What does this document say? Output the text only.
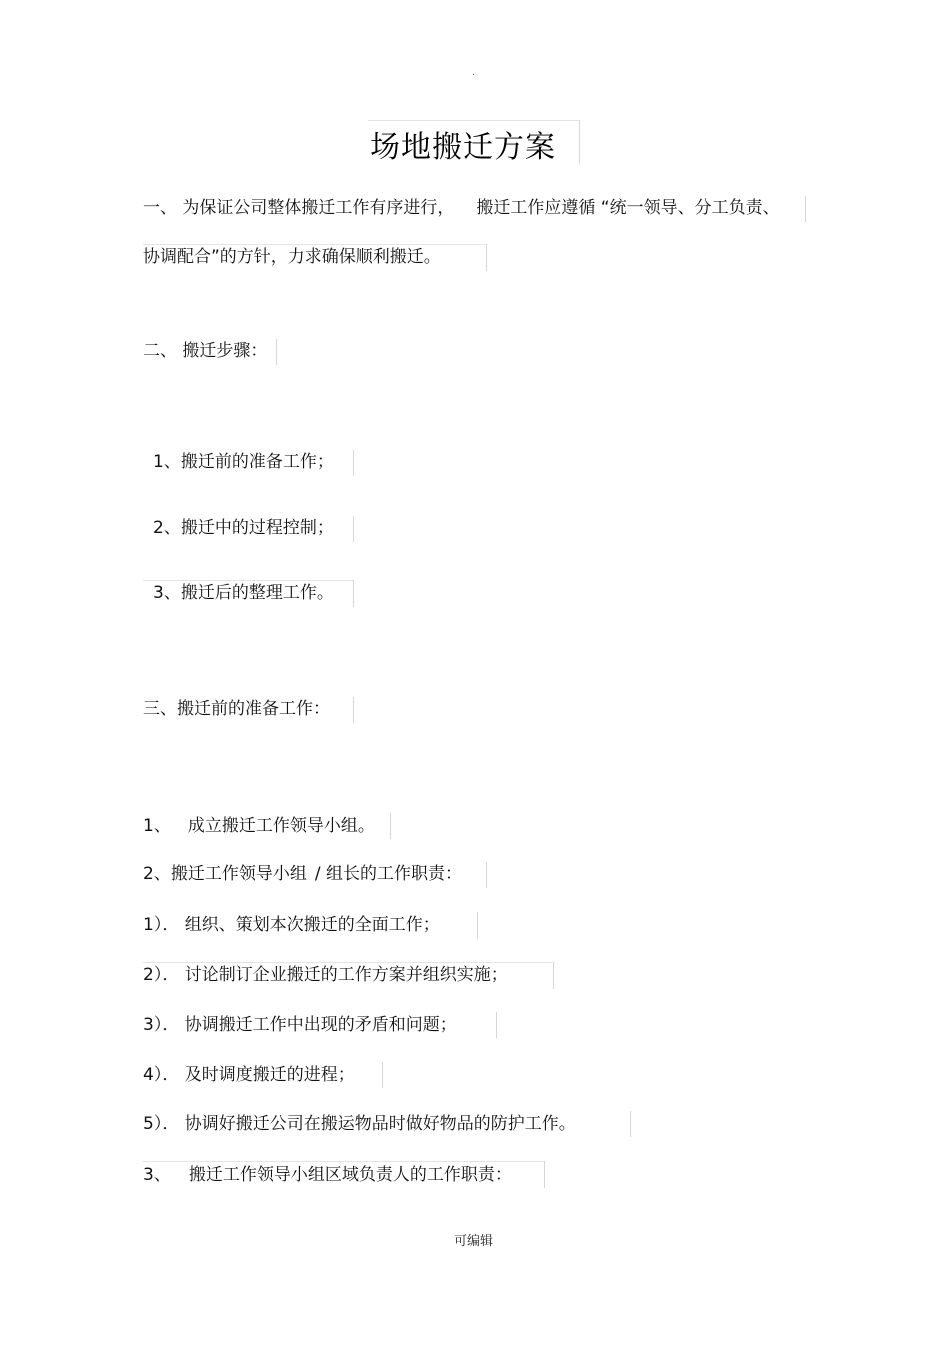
·
场地搬迁方案
一、 为保证公司整体搬迁工作有序进行， 搬迁工作应遵循 “统一领导、分工负责、
协调配合”的方针，力求确保顺利搬迁。
二、 搬迁步骤：
1、搬迁前的准备工作；
2、搬迁中的过程控制；
3、搬迁后的整理工作。
三、搬迁前的准备工作：
1、 成立搬迁工作领导小组。
2、搬迁工作领导小组 / 组长的工作职责：
1）． 组织、策划本次搬迁的全面工作；
2）． 讨论制订企业搬迁的工作方案并组织实施；
3）． 协调搬迁工作中出现的矛盾和问题；
4）． 及时调度搬迁的进程；
5）． 协调好搬迁公司在搬运物品时做好物品的防护工作。
3、 搬迁工作领导小组区域负责人的工作职责：
可编辑
